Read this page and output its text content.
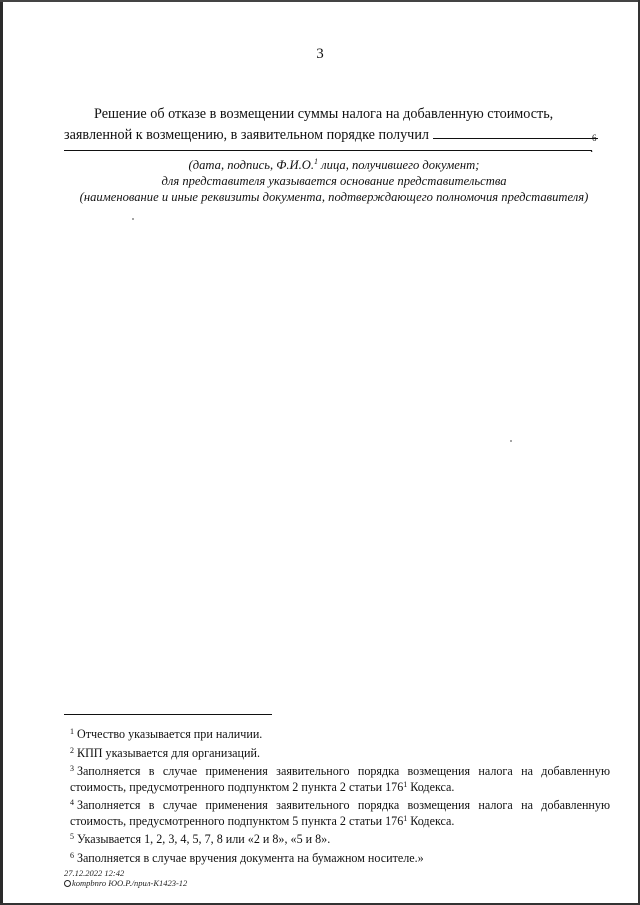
3
Решение об отказе в возмещении суммы налога на добавленную стоимость,
заявленной к возмещению, в заявительном порядке получил	6
.
(дата, подпись, Ф.И.О.$^1$ лица, получившего документ;
для представителя указывается основание представительства
(наименование и иные реквизиты документа, подтверждающего полномочия представителя)
$^1$ Отчество указывается при наличии.
$^2$ КПП указывается для организаций.
$^3$ Заполняется в случае применения заявительного порядка возмещения налога на добавленную стоимость, предусмотренного подпунктом 2 пункта 2 статьи $176^1$ Кодекса.
$^4$ Заполняется в случае применения заявительного порядка возмещения налога на добавленную стоимость, предусмотренного подпунктом 5 пункта 2 статьи $176^1$ Кодекса.
$^5$ Указывается 1, 2, 3, 4, 5, 7, 8 или «2 и 8», «5 и 8».
$^6$ Заполняется в случае вручения документа на бумажном носителе.»
27.12.2022 12:42
kompbnro ЮО.Р./прил-К1423-12
